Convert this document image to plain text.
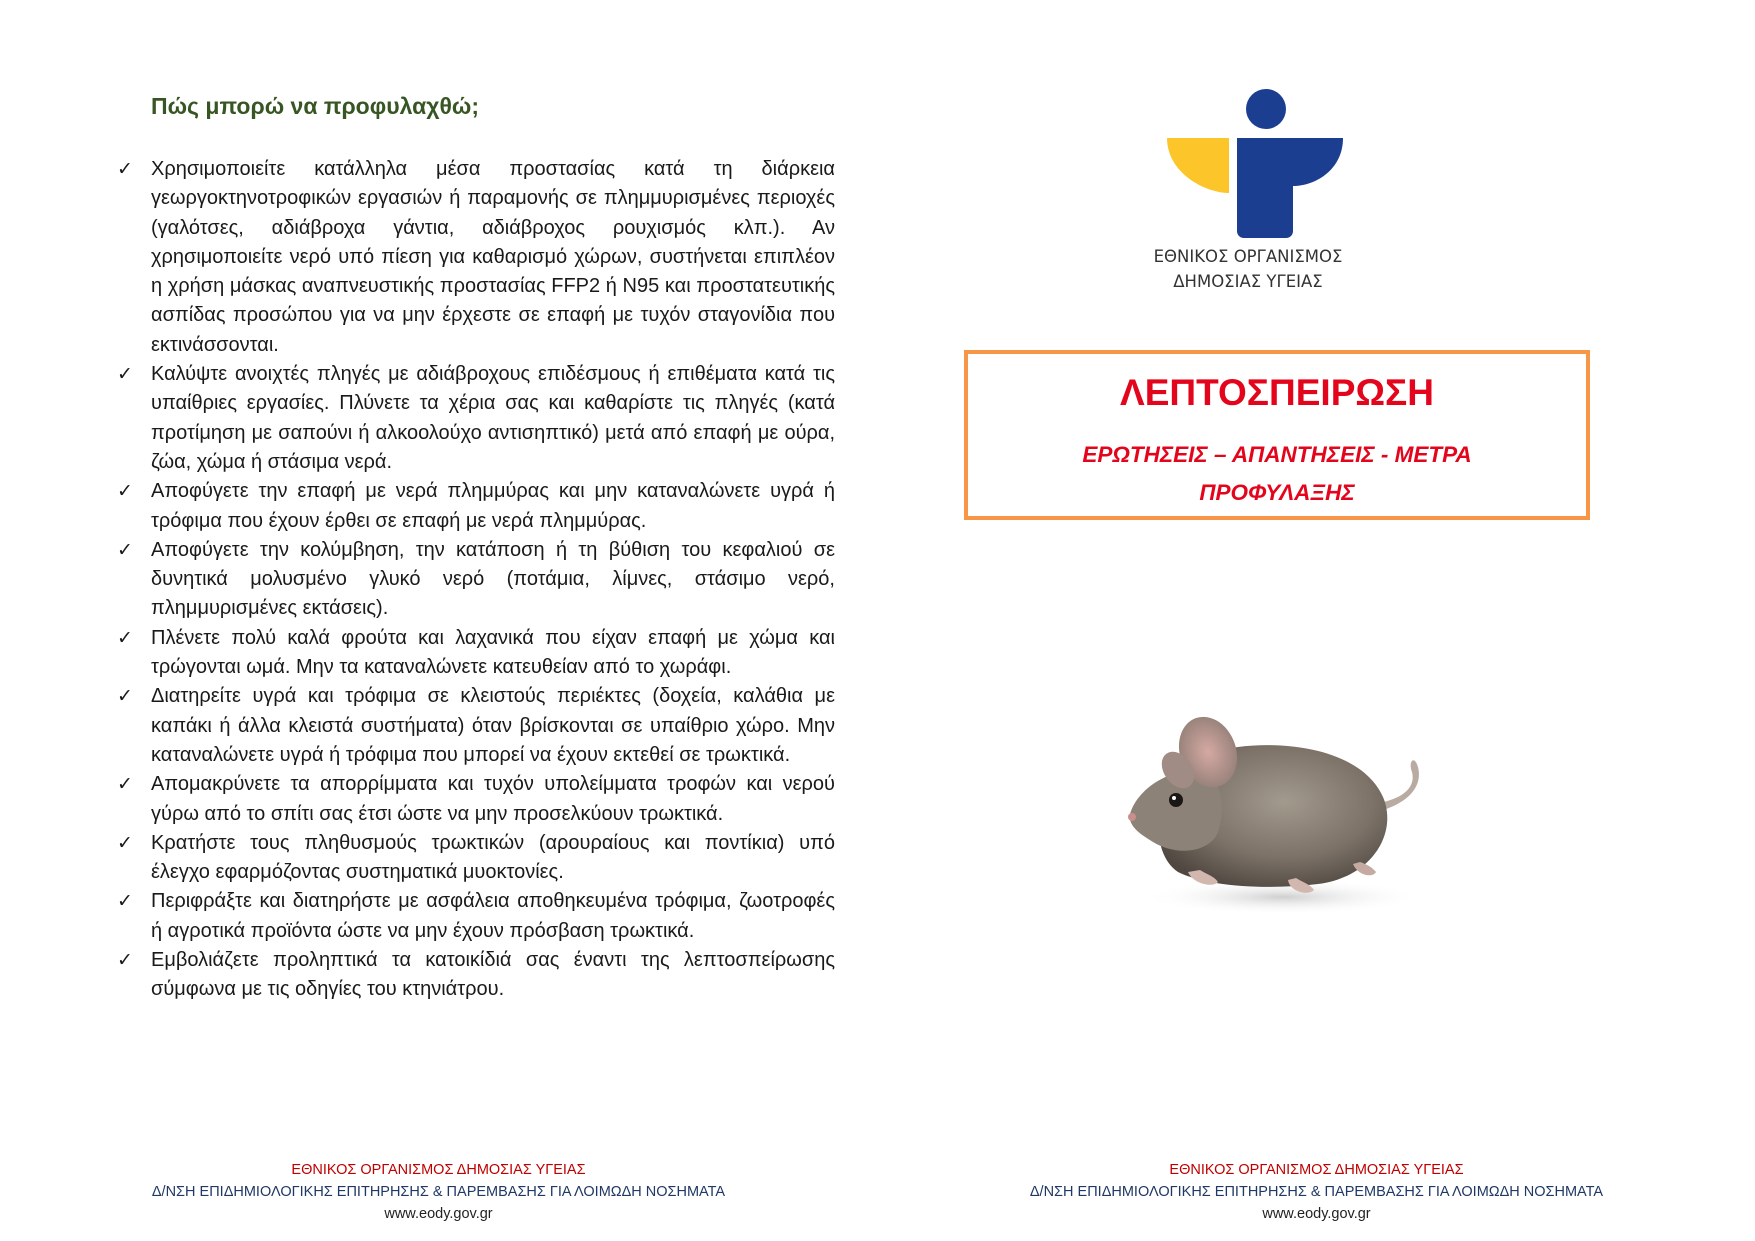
Πώς μπορώ να προφυλαχθώ;
✓ Χρησιμοποιείτε κατάλληλα μέσα προστασίας κατά τη διάρκεια γεωργοκτηνοτροφικών εργασιών ή παραμονής σε πλημμυρισμένες περιοχές (γαλότσες, αδιάβροχα γάντια, αδιάβροχος ρουχισμός κλπ.). Αν χρησιμοποιείτε νερό υπό πίεση για καθαρισμό χώρων, συστήνεται επιπλέον η χρήση μάσκας αναπνευστικής προστασίας FFP2 ή N95 και προστατευτικής ασπίδας προσώπου για να μην έρχεστε σε επαφή με τυχόν σταγονίδια που εκτινάσσονται.
✓ Καλύψτε ανοιχτές πληγές με αδιάβροχους επιδέσμους ή επιθέματα κατά τις υπαίθριες εργασίες. Πλύνετε τα χέρια σας και καθαρίστε τις πληγές (κατά προτίμηση με σαπούνι ή αλκοολούχο αντισηπτικό) μετά από επαφή με ούρα, ζώα, χώμα ή στάσιμα νερά.
✓ Αποφύγετε την επαφή με νερά πλημμύρας και μην καταναλώνετε υγρά ή τρόφιμα που έχουν έρθει σε επαφή με νερά πλημμύρας.
✓ Αποφύγετε την κολύμβηση, την κατάποση ή τη βύθιση του κεφαλιού σε δυνητικά μολυσμένο γλυκό νερό (ποτάμια, λίμνες, στάσιμο νερό, πλημμυρισμένες εκτάσεις).
✓ Πλένετε πολύ καλά φρούτα και λαχανικά που είχαν επαφή με χώμα και τρώγονται ωμά. Μην τα καταναλώνετε κατευθείαν από το χωράφι.
✓ Διατηρείτε υγρά και τρόφιμα σε κλειστούς περιέκτες (δοχεία, καλάθια με καπάκι ή άλλα κλειστά συστήματα) όταν βρίσκονται σε υπαίθριο χώρο. Μην καταναλώνετε υγρά ή τρόφιμα που μπορεί να έχουν εκτεθεί σε τρωκτικά.
✓ Απομακρύνετε τα απορρίμματα και τυχόν υπολείμματα τροφών και νερού γύρω από το σπίτι σας έτσι ώστε να μην προσελκύουν τρωκτικά.
✓ Κρατήστε τους πληθυσμούς τρωκτικών (αρουραίους και ποντίκια) υπό έλεγχο εφαρμόζοντας συστηματικά μυοκτονίες.
✓ Περιφράξτε και διατηρήστε με ασφάλεια αποθηκευμένα τρόφιμα, ζωοτροφές ή αγροτικά προϊόντα ώστε να μην έχουν πρόσβαση τρωκτικά.
✓ Εμβολιάζετε προληπτικά τα κατοικίδιά σας έναντι της λεπτοσπείρωσης σύμφωνα με τις οδηγίες του κτηνιάτρου.
ΕΘΝΙΚΟΣ ΟΡΓΑΝΙΣΜΟΣ ΔΗΜΟΣΙΑΣ ΥΓΕΙΑΣ
Δ/ΝΣΗ ΕΠΙΔΗΜΙΟΛΟΓΙΚΗΣ ΕΠΙΤΗΡΗΣΗΣ & ΠΑΡΕΜΒΑΣΗΣ ΓΙΑ ΛΟΙΜΩΔΗ ΝΟΣΗΜΑΤΑ
www.eody.gov.gr
ΕΘΝΙΚΟΣ ΟΡΓΑΝΙΣΜΟΣ
ΔΗΜΟΣΙΑΣ ΥΓΕΙΑΣ
ΛΕΠΤΟΣΠΕΙΡΩΣΗ
ΕΡΩΤΗΣΕΙΣ – ΑΠΑΝΤΗΣΕΙΣ - ΜΕΤΡΑ
ΠΡΟΦΥΛΑΞΗΣ
ΕΘΝΙΚΟΣ ΟΡΓΑΝΙΣΜΟΣ ΔΗΜΟΣΙΑΣ ΥΓΕΙΑΣ
Δ/ΝΣΗ ΕΠΙΔΗΜΙΟΛΟΓΙΚΗΣ ΕΠΙΤΗΡΗΣΗΣ & ΠΑΡΕΜΒΑΣΗΣ ΓΙΑ ΛΟΙΜΩΔΗ ΝΟΣΗΜΑΤΑ
www.eody.gov.gr
